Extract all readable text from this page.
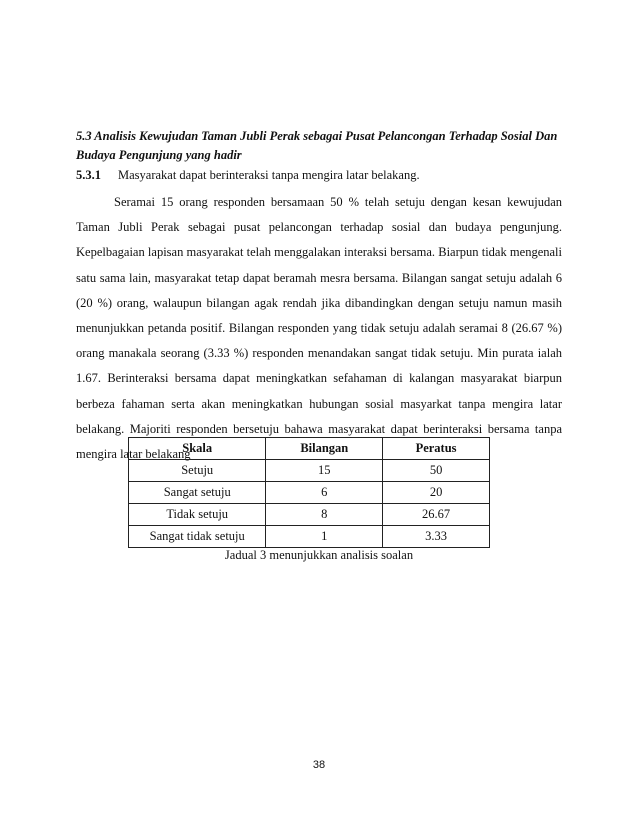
5.3 Analisis Kewujudan Taman Jubli Perak sebagai Pusat Pelancongan Terhadap Sosial Dan Budaya Pengunjung yang hadir
5.3.1 Masyarakat dapat berinteraksi tanpa mengira latar belakang.
Seramai 15 orang responden bersamaan 50 % telah setuju dengan kesan kewujudan Taman Jubli Perak sebagai pusat pelancongan terhadap sosial dan budaya pengunjung. Kepelbagaian lapisan masyarakat telah menggalakan interaksi bersama. Biarpun tidak mengenali satu sama lain, masyarakat tetap dapat beramah mesra bersama. Bilangan sangat setuju adalah 6 (20 %) orang, walaupun bilangan agak rendah jika dibandingkan dengan setuju namun masih menunjukkan petanda positif. Bilangan responden yang tidak setuju adalah seramai 8 (26.67 %) orang manakala seorang (3.33 %) responden menandakan sangat tidak setuju. Min purata ialah 1.67. Berinteraksi bersama dapat meningkatkan sefahaman di kalangan masyarakat biarpun berbeza fahaman serta akan meningkatkan hubungan sosial masyarkat tanpa mengira latar belakang. Majoriti responden bersetuju bahawa masyarakat dapat berinteraksi bersama tanpa mengira latar belakang
Skala	Bilangan	Peratus
Setuju	15	50
Sangat setuju	6	20
Tidak setuju	8	26.67
Sangat tidak setuju	1	3.33
Jadual 3 menunjukkan analisis soalan
38
